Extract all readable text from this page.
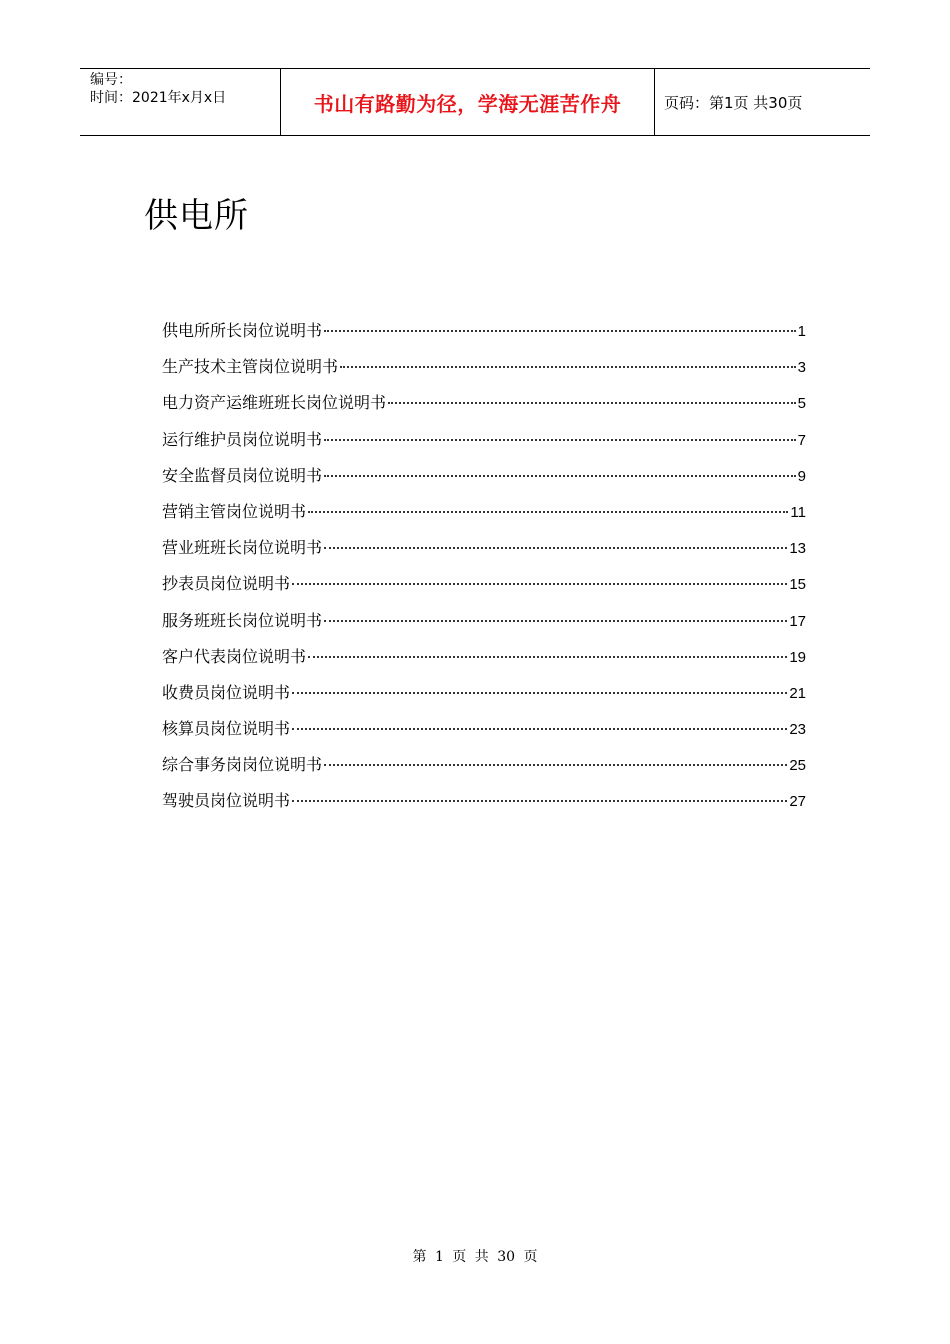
编号：
时间：2021年x月x日	书山有路勤为径，学海无涯苦作舟	页码：第1页 共30页
供电所
供电所所长岗位说明书	1
生产技术主管岗位说明书	3
电力资产运维班班长岗位说明书	5
运行维护员岗位说明书	7
安全监督员岗位说明书	9
营销主管岗位说明书	11
营业班班长岗位说明书	13
抄表员岗位说明书	15
服务班班长岗位说明书	17
客户代表岗位说明书	19
收费员岗位说明书	21
核算员岗位说明书	23
综合事务岗岗位说明书	25
驾驶员岗位说明书	27
第 1 页 共 30 页
